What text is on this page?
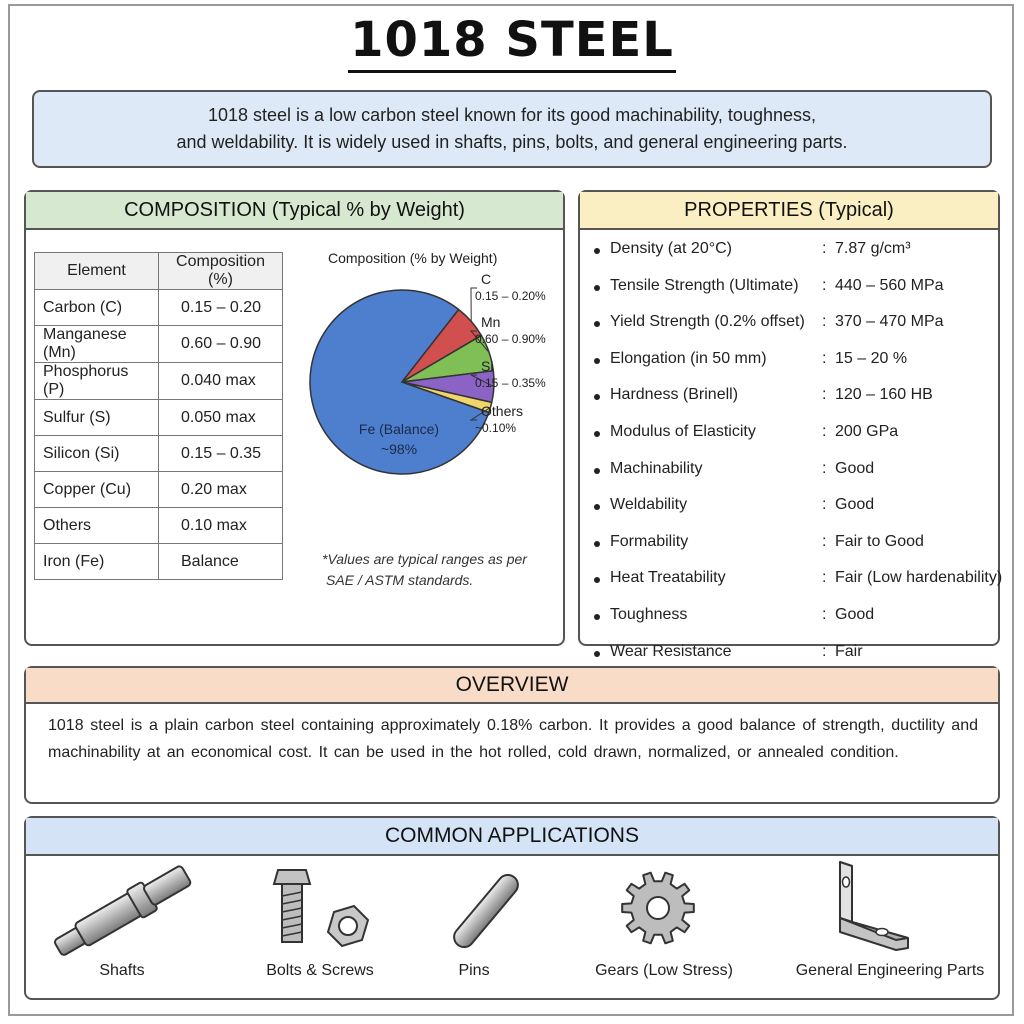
1018 STEEL
1018 steel is a low carbon steel known for its good machinability, toughness,
and weldability. It is widely used in shafts, pins, bolts, and general engineering parts.
COMPOSITION (Typical % by Weight)
Element	Composition (%)
Carbon (C)	0.15 – 0.20
Manganese (Mn)	0.60 – 0.90
Phosphorus (P)	0.040 max
Sulfur (S)	0.050 max
Silicon (Si)	0.15 – 0.35
Copper (Cu)	0.20 max
Others	0.10 max
Iron (Fe)	Balance
Composition (% by Weight)
C
0.15 – 0.20%
Mn
0.60 – 0.90%
Si
0.15 – 0.35%
Others
~0.10%
Fe (Balance)
~98%
*Values are typical ranges as per
SAE / ASTM standards.
PROPERTIES (Typical)
Density (at 20°C)	: 7.87 g/cm³
Tensile Strength (Ultimate) : 440 – 560 MPa
Yield Strength (0.2% offset) : 370 – 470 MPa
Elongation (in 50 mm)	: 15 – 20 %
Hardness (Brinell)	: 120 – 160 HB
Modulus of Elasticity	: 200 GPa
Machinability	: Good
Weldability	: Good
Formability	: Fair to Good
Heat Treatability	: Fair (Low hardenability)
Toughness	: Good
Wear Resistance	: Fair
OVERVIEW
1018 steel is a plain carbon steel containing approximately 0.18% carbon. It provides a good balance of strength, ductility and machinability at an economical cost. It can be used in the hot rolled, cold drawn, normalized, or annealed condition.
COMMON APPLICATIONS
Shafts	Bolts & Screws	Pins	Gears (Low Stress)	General Engineering Parts
